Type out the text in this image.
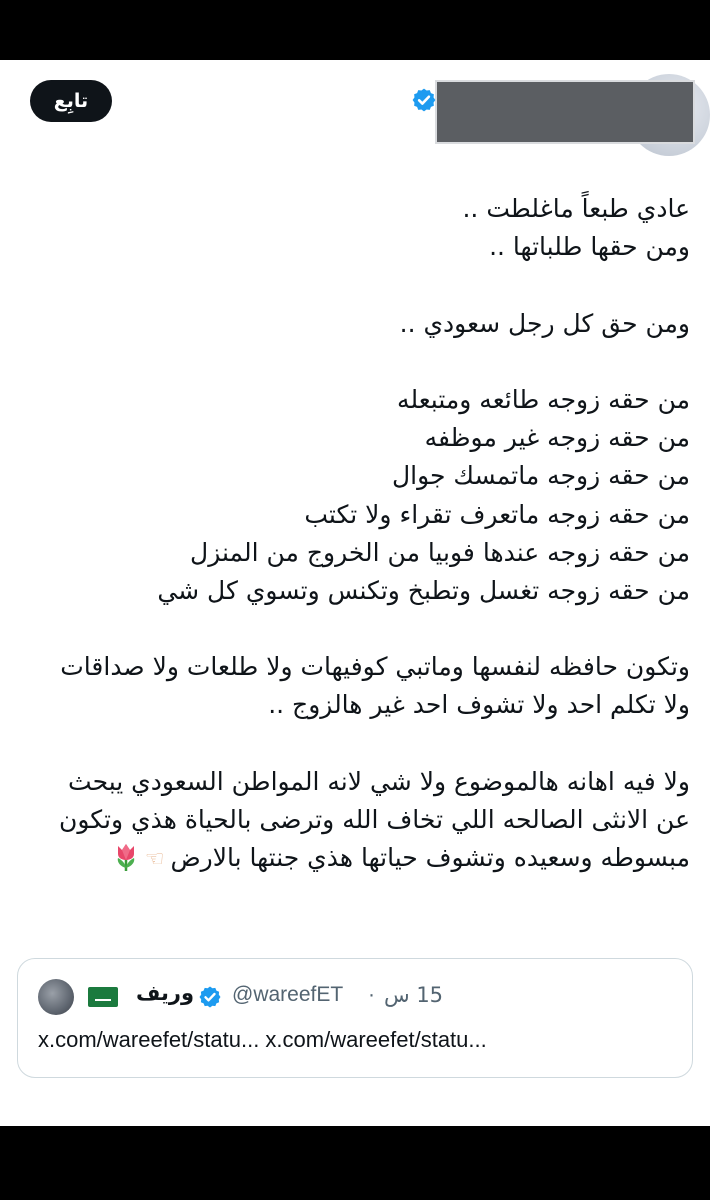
تابِع
عادي طبعاً ماغلطت ..
ومن حقها طلباتها ..
ومن حق كل رجل سعودي ..
من حقه زوجه طائعه ومتبعله
من حقه زوجه غير موظفه
من حقه زوجه ماتمسك جوال
من حقه زوجه ماتعرف تقراء ولا تكتب
من حقه زوجه عندها فوبيا من الخروج من المنزل
من حقه زوجه تغسل وتطبخ وتكنس وتسوي كل شي
وتكون حافظه لنفسها وماتبي كوفيهات ولا طلعات ولا صداقات
ولا تكلم احد ولا تشوف احد غير هالزوج ..
ولا فيه اهانه هالموضوع ولا شي لانه المواطن السعودي يبحث
عن الانثى الصالحه اللي تخاف الله وترضى بالحياة هذي وتكون
مبسوطه وسعيده وتشوف حياتها هذي جنتها بالارض☜
وريف @wareefET · 15 س
x.com/wareefet/statu... x.com/wareefet/statu...
